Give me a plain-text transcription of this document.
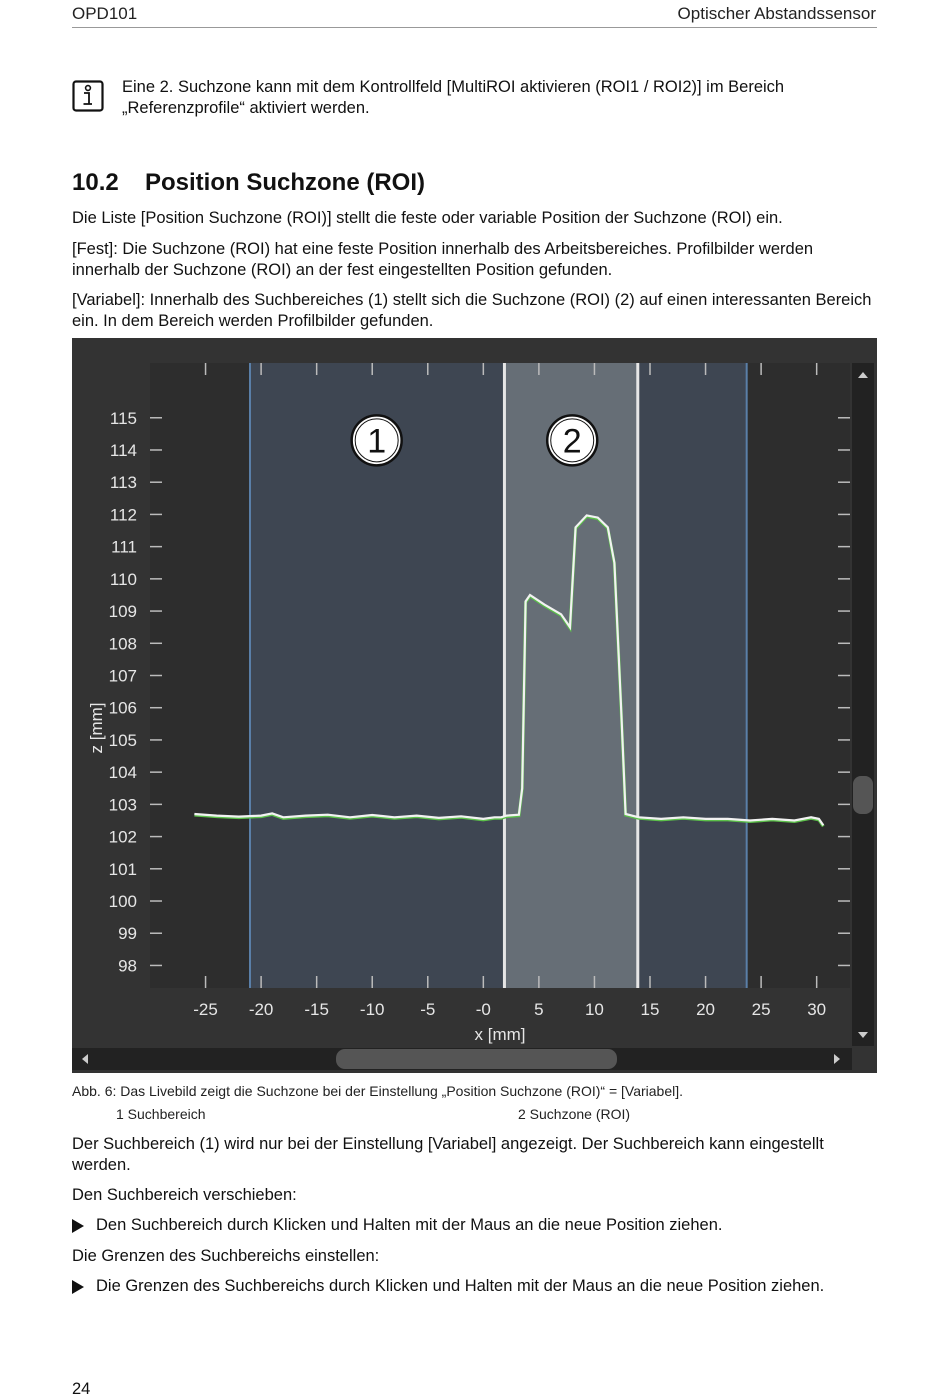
OPD101	Optischer Abstandssensor
Eine 2. Suchzone kann mit dem Kontrollfeld [MultiROI aktivieren (ROI1 / ROI2)] im Bereich „Referenzprofile“ aktiviert werden.
10.2 Position Suchzone (ROI)
Die Liste [Position Suchzone (ROI)] stellt die feste oder variable Position der Suchzone (ROI) ein.
[Fest]: Die Suchzone (ROI) hat eine feste Position innerhalb des Arbeitsbereiches. Profilbilder werden innerhalb der Suchzone (ROI) an der fest eingestellten Position gefunden.
[Variabel]: Innerhalb des Suchbereiches (1) stellt sich die Suchzone (ROI) (2) auf einen interessanten Bereich ein. In dem Bereich werden Profilbilder gefunden.
98
99
100
101
102
103
104
105
106
107
108
109
110
111
112
113
114
115
-25 -20 -15 -10 -5 -0	5 10 15 20 25 30
x [mm]
z [mm]
1	2
Abb. 6: Das Livebild zeigt die Suchzone bei der Einstellung „Position Suchzone (ROI)“ = [Variabel].
1 Suchbereich	2 Suchzone (ROI)
Der Suchbereich (1) wird nur bei der Einstellung [Variabel] angezeigt. Der Suchbereich kann eingestellt werden.
Den Suchbereich verschieben:
Den Suchbereich durch Klicken und Halten mit der Maus an die neue Position ziehen.
Die Grenzen des Suchbereichs einstellen:
Die Grenzen des Suchbereichs durch Klicken und Halten mit der Maus an die neue Position ziehen.
24
